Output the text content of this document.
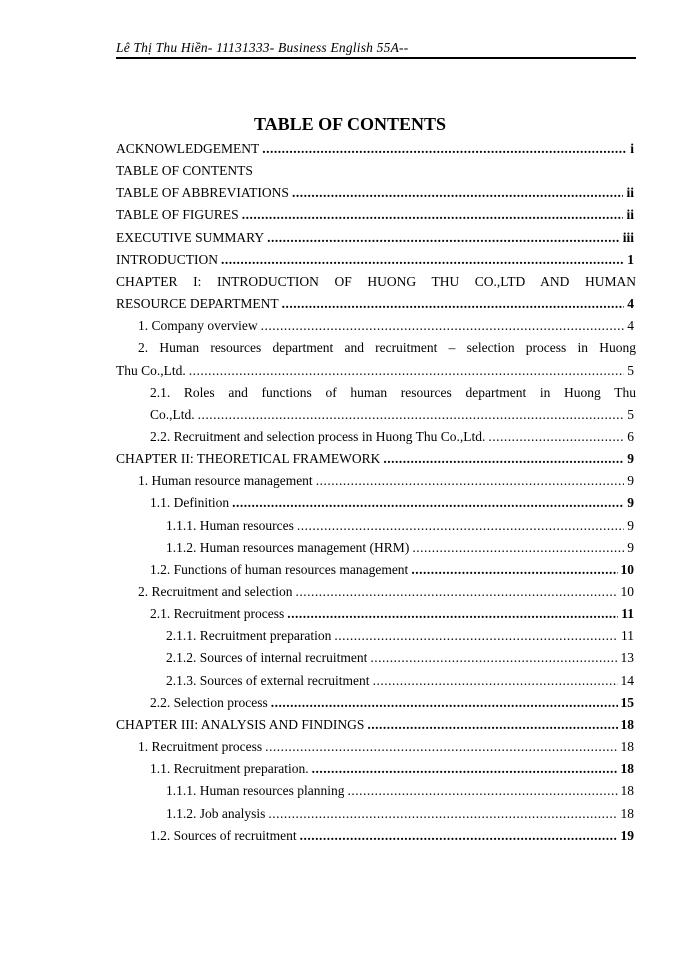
Lê Thị Thu Hiền- 11131333- Business English 55A--
TABLE OF CONTENTS
ACKNOWLEDGEMENT .....	i
TABLE OF CONTENTS
TABLE OF ABBREVIATIONS .....	ii
TABLE OF FIGURES .....	ii
EXECUTIVE SUMMARY .....	iii
INTRODUCTION .....	1
CHAPTER I: INTRODUCTION OF HUONG THU CO.,LTD AND HUMAN
RESOURCE DEPARTMENT .....	4
1. Company overview .....	4
2. Human resources department and recruitment – selection process in Huong
Thu Co.,Ltd. .....	5
2.1. Roles and functions of human resources department in Huong Thu
Co.,Ltd. .....	5
2.2. Recruitment and selection process in Huong Thu Co.,Ltd. .....	6
CHAPTER II: THEORETICAL FRAMEWORK .....	9
1. Human resource management .....	9
1.1. Definition .....	9
1.1.1. Human resources .....	9
1.1.2. Human resources management (HRM) .....	9
1.2. Functions of human resources management .....	10
2. Recruitment and selection .....	10
2.1. Recruitment process .....	11
2.1.1. Recruitment preparation .....	11
2.1.2. Sources of internal recruitment .....	13
2.1.3. Sources of external recruitment .....	14
2.2. Selection process .....	15
CHAPTER III: ANALYSIS AND FINDINGS .....	18
1. Recruitment process .....	18
1.1. Recruitment preparation. .....	18
1.1.1. Human resources planning .....	18
1.1.2. Job analysis .....	18
1.2. Sources of recruitment .....	19
